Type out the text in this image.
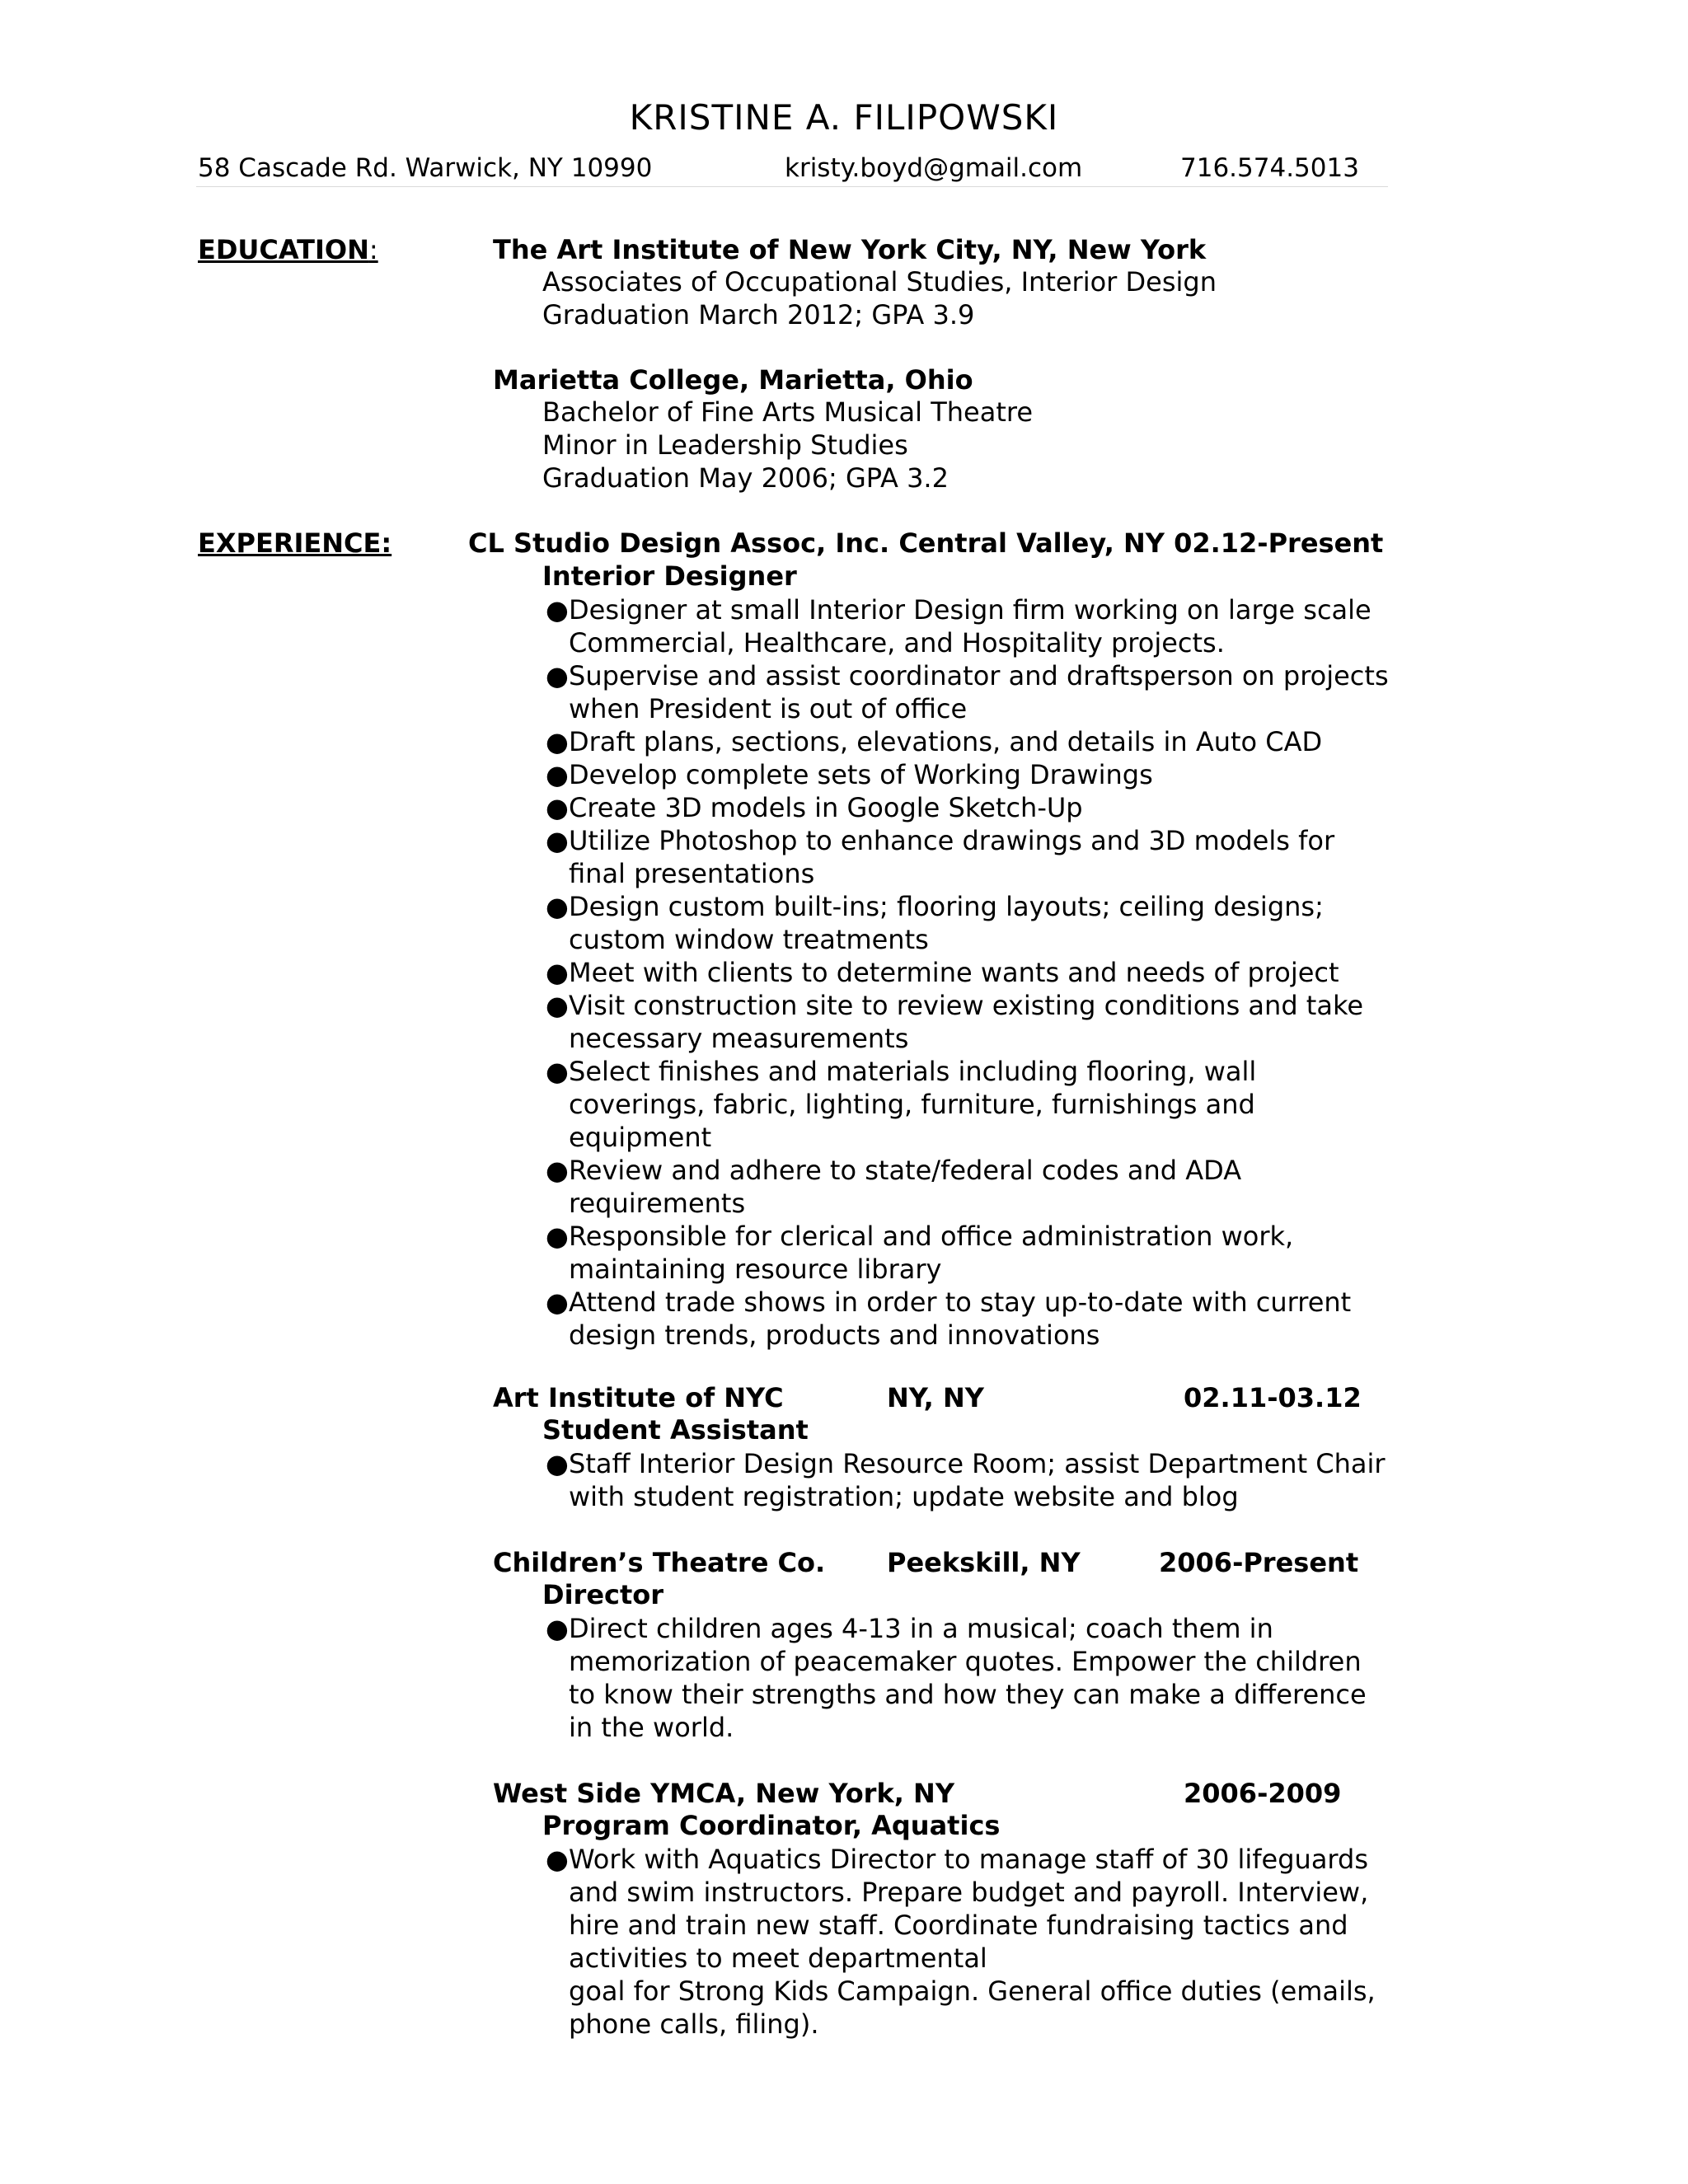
KRISTINE A. FILIPOWSKI
58 Cascade Rd. Warwick, NY 10990	kristy.boyd@gmail.com	716.574.5013
EDUCATION:	The Art Institute of New York City, NY, New York
Associates of Occupational Studies, Interior Design
Graduation March 2012; GPA 3.9
Marietta College, Marietta, Ohio
Bachelor of Fine Arts Musical Theatre
Minor in Leadership Studies
Graduation May 2006; GPA 3.2
EXPERIENCE:	CL Studio Design Assoc, Inc. Central Valley, NY 02.12-Present
Interior Designer
● Designer at small Interior Design firm working on large scale
Commercial, Healthcare, and Hospitality projects.
● Supervise and assist coordinator and draftsperson on projects
when President is out of office
● Draft plans, sections, elevations, and details in Auto CAD
● Develop complete sets of Working Drawings
● Create 3D models in Google Sketch-Up
● Utilize Photoshop to enhance drawings and 3D models for
final presentations
● Design custom built-ins; flooring layouts; ceiling designs;
custom window treatments
● Meet with clients to determine wants and needs of project
● Visit construction site to review existing conditions and take
necessary measurements
● Select finishes and materials including flooring, wall
coverings, fabric, lighting, furniture, furnishings and
equipment
● Review and adhere to state/federal codes and ADA
requirements
● Responsible for clerical and office administration work,
maintaining resource library
● Attend trade shows in order to stay up-to-date with current
design trends, products and innovations
Art Institute of NYC	NY, NY	02.11-03.12
Student Assistant
● Staff Interior Design Resource Room; assist Department Chair
with student registration; update website and blog
Children’s Theatre Co. Peekskill, NY	2006-Present
Director
● Direct children ages 4-13 in a musical; coach them in
memorization of peacemaker quotes. Empower the children
to know their strengths and how they can make a difference
in the world.
West Side YMCA, New York, NY	2006-2009
Program Coordinator, Aquatics
● Work with Aquatics Director to manage staff of 30 lifeguards
and swim instructors. Prepare budget and payroll. Interview,
hire and train new staff. Coordinate fundraising tactics and
activities to meet departmental
goal for Strong Kids Campaign. General office duties (emails,
phone calls, filing).
